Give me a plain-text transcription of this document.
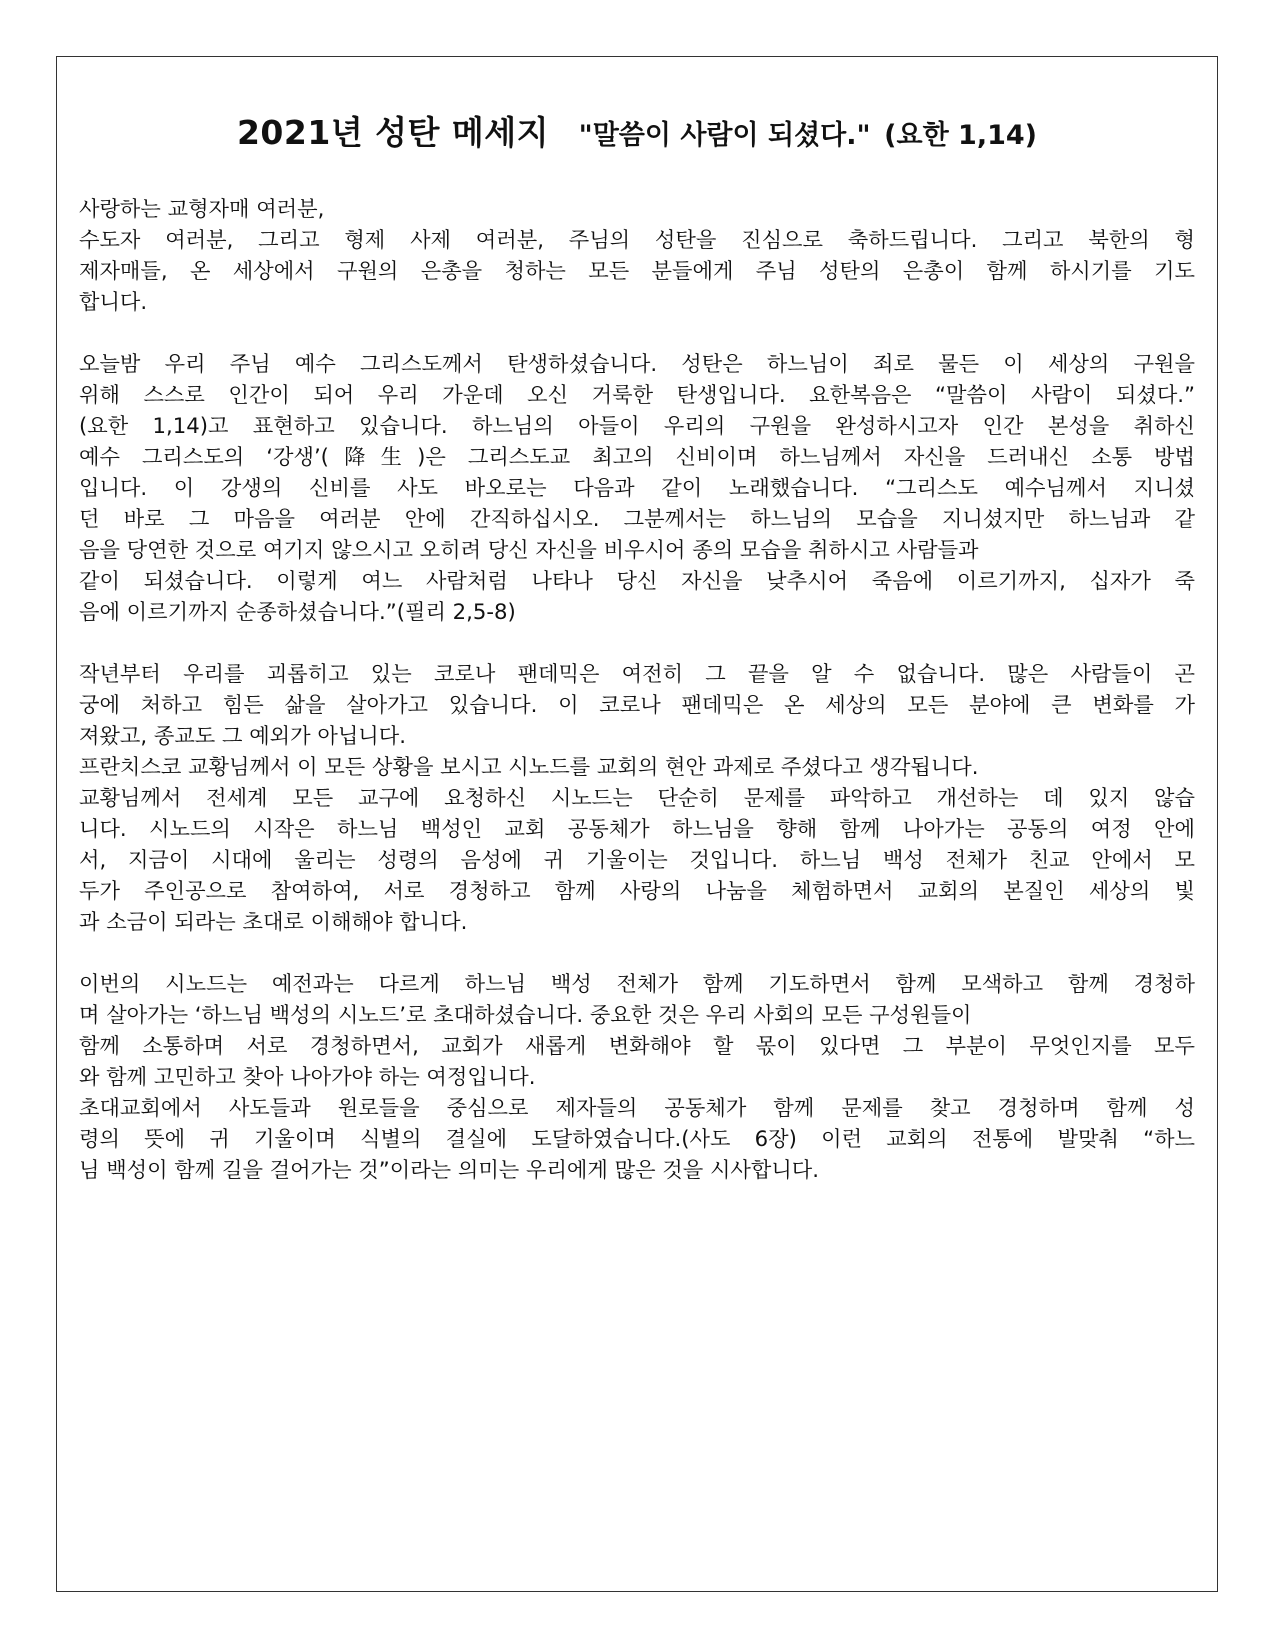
2021년 성탄 메세지 "말씀이 사람이 되셨다." (요한 1,14)
사랑하는 교형자매 여러분,
수도자 여러분, 그리고 형제 사제 여러분, 주님의 성탄을 진심으로 축하드립니다. 그리고 북한의 형
제자매들, 온 세상에서 구원의 은총을 청하는 모든 분들에게 주님 성탄의 은총이 함께 하시기를 기도
합니다.
오늘밤 우리 주님 예수 그리스도께서 탄생하셨습니다. 성탄은 하느님이 죄로 물든 이 세상의 구원을
위해 스스로 인간이 되어 우리 가운데 오신 거룩한 탄생입니다. 요한복음은 “말씀이 사람이 되셨다.”
(요한 1,14)고 표현하고 있습니다. 하느님의 아들이 우리의 구원을 완성하시고자 인간 본성을 취하신
예수 그리스도의 ‘강생’(降生)은 그리스도교 최고의 신비이며 하느님께서 자신을 드러내신 소통 방법
입니다. 이 강생의 신비를 사도 바오로는 다음과 같이 노래했습니다. “그리스도 예수님께서 지니셨
던 바로 그 마음을 여러분 안에 간직하십시오. 그분께서는 하느님의 모습을 지니셨지만 하느님과 같
음을 당연한 것으로 여기지 않으시고 오히려 당신 자신을 비우시어 종의 모습을 취하시고 사람들과
같이 되셨습니다. 이렇게 여느 사람처럼 나타나 당신 자신을 낮추시어 죽음에 이르기까지, 십자가 죽
음에 이르기까지 순종하셨습니다.”(필리 2,5-8)
작년부터 우리를 괴롭히고 있는 코로나 팬데믹은 여전히 그 끝을 알 수 없습니다. 많은 사람들이 곤
궁에 처하고 힘든 삶을 살아가고 있습니다. 이 코로나 팬데믹은 온 세상의 모든 분야에 큰 변화를 가
져왔고, 종교도 그 예외가 아닙니다.
프란치스코 교황님께서 이 모든 상황을 보시고 시노드를 교회의 현안 과제로 주셨다고 생각됩니다.
교황님께서 전세계 모든 교구에 요청하신 시노드는 단순히 문제를 파악하고 개선하는 데 있지 않습
니다. 시노드의 시작은 하느님 백성인 교회 공동체가 하느님을 향해 함께 나아가는 공동의 여정 안에
서, 지금이 시대에 울리는 성령의 음성에 귀 기울이는 것입니다. 하느님 백성 전체가 친교 안에서 모
두가 주인공으로 참여하여, 서로 경청하고 함께 사랑의 나눔을 체험하면서 교회의 본질인 세상의 빛
과 소금이 되라는 초대로 이해해야 합니다.
이번의 시노드는 예전과는 다르게 하느님 백성 전체가 함께 기도하면서 함께 모색하고 함께 경청하
며 살아가는 ‘하느님 백성의 시노드’로 초대하셨습니다. 중요한 것은 우리 사회의 모든 구성원들이
함께 소통하며 서로 경청하면서, 교회가 새롭게 변화해야 할 몫이 있다면 그 부분이 무엇인지를 모두
와 함께 고민하고 찾아 나아가야 하는 여정입니다.
초대교회에서 사도들과 원로들을 중심으로 제자들의 공동체가 함께 문제를 찾고 경청하며 함께 성
령의 뜻에 귀 기울이며 식별의 결실에 도달하였습니다.(사도 6장) 이런 교회의 전통에 발맞춰 “하느
님 백성이 함께 길을 걸어가는 것”이라는 의미는 우리에게 많은 것을 시사합니다.
